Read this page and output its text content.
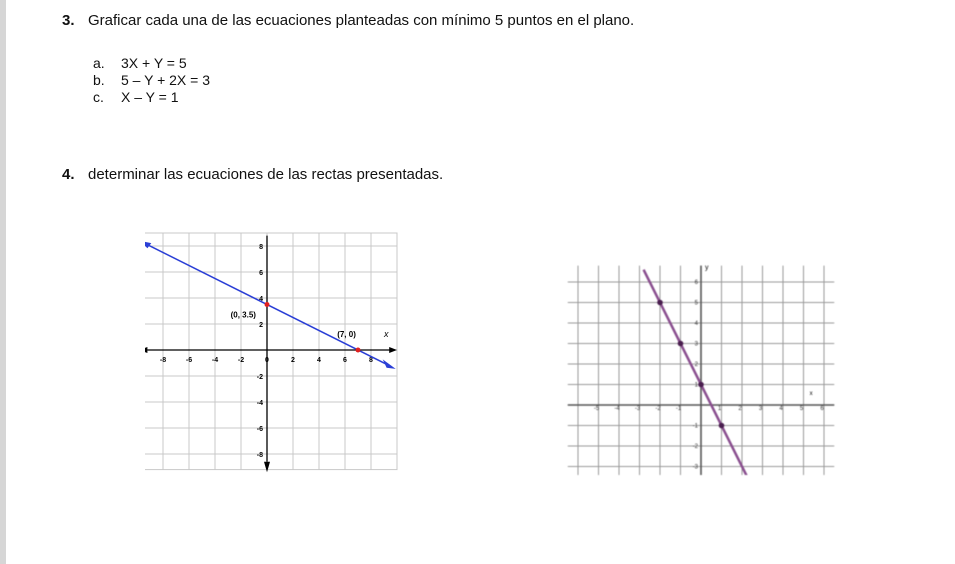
3. Graficar cada una de las ecuaciones planteadas con mínimo 5 puntos en el plano.
a. 3X + Y = 5
b. 5 – Y + 2X = 3
c. X – Y = 1
4. determinar las ecuaciones de las rectas presentadas.
-8	-6	-4	-2	0	2	4	6	8
8
6
4
2
-2
-4
-6
-8
(0, 3.5)
(7, 0)	x
-5	-4	-3	-2	-1	1	2	3	4	5	6
6
5
4
3
2
1
-1
-2
-3
y
x
